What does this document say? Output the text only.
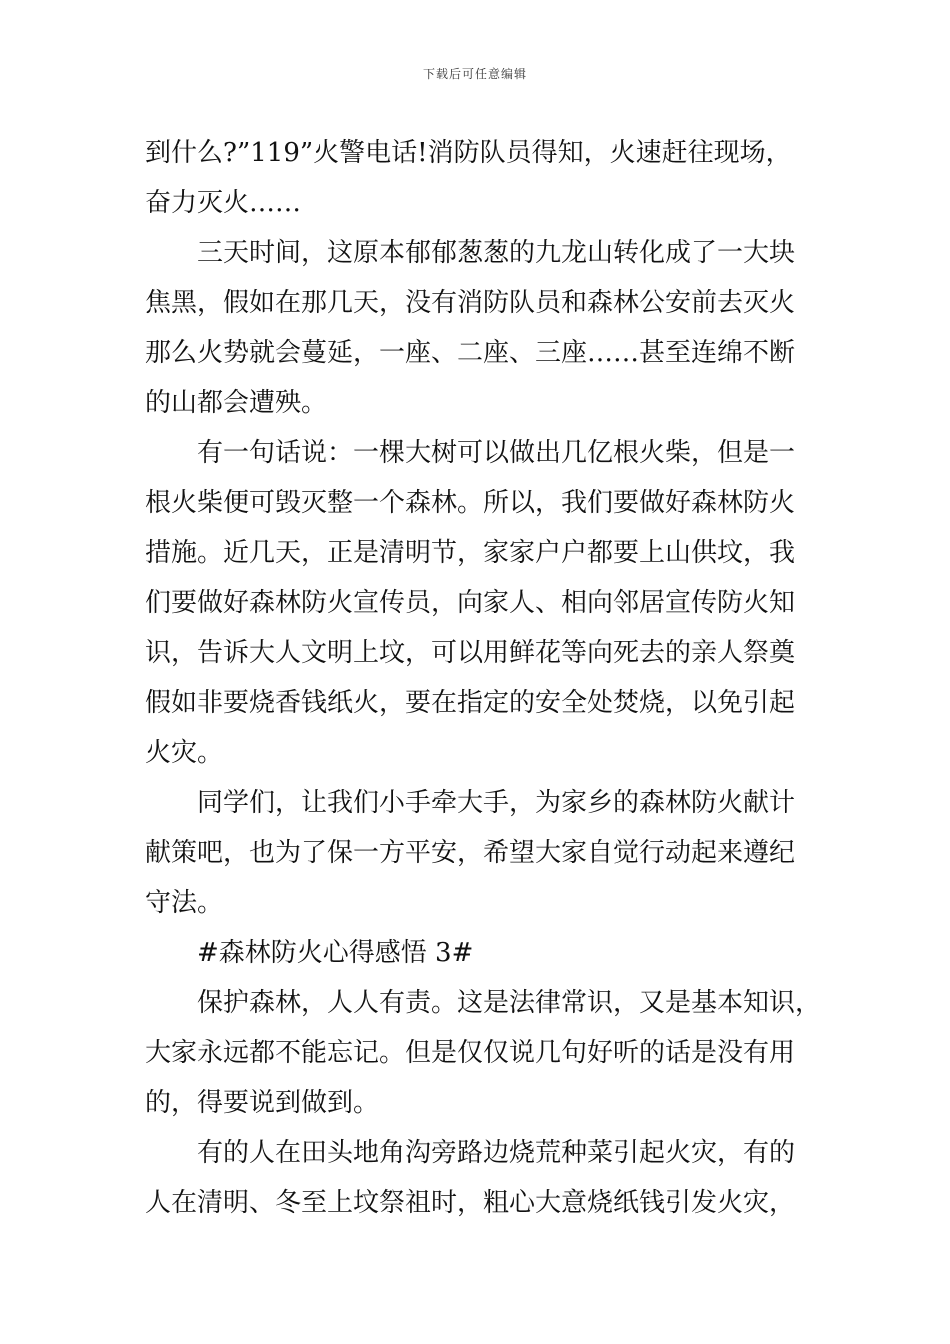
下载后可任意编辑
到什么?”119”火警电话!消防队员得知，火速赶往现场，
奋力灭火……
三天时间，这原本郁郁葱葱的九龙山转化成了一大块
焦黑，假如在那几天，没有消防队员和森林公安前去灭火
那么火势就会蔓延，一座、二座、三座……甚至连绵不断
的山都会遭殃。
有一句话说：一棵大树可以做出几亿根火柴，但是一
根火柴便可毁灭整一个森林。所以，我们要做好森林防火
措施。近几天，正是清明节，家家户户都要上山供坟，我
们要做好森林防火宣传员，向家人、相向邻居宣传防火知
识，告诉大人文明上坟，可以用鲜花等向死去的亲人祭奠
假如非要烧香钱纸火，要在指定的安全处焚烧，以免引起
火灾。
同学们，让我们小手牵大手，为家乡的森林防火献计
献策吧，也为了保一方平安，希望大家自觉行动起来遵纪
守法。
#森林防火心得感悟 3#
保护森林，人人有责。这是法律常识，又是基本知识，
大家永远都不能忘记。但是仅仅说几句好听的话是没有用
的，得要说到做到。
有的人在田头地角沟旁路边烧荒种菜引起火灾，有的
人在清明、冬至上坟祭祖时，粗心大意烧纸钱引发火灾，
